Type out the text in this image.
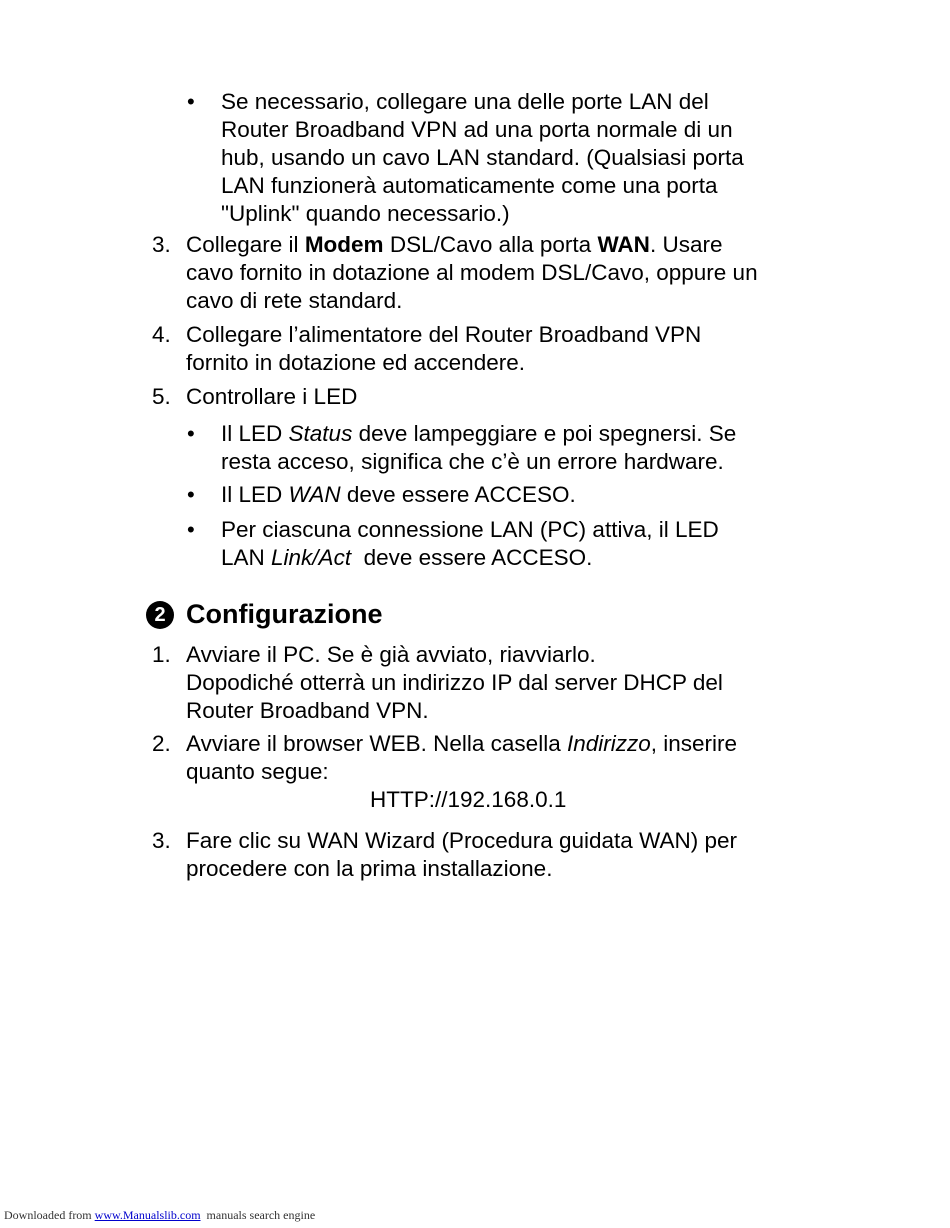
• Se necessario, collegare una delle porte LAN del
Router Broadband VPN ad una porta normale di un
hub, usando un cavo LAN standard. (Qualsiasi porta
LAN funzionerà automaticamente come una porta
"Uplink" quando necessario.)
3. Collegare il Modem DSL/Cavo alla porta WAN. Usare
cavo fornito in dotazione al modem DSL/Cavo, oppure un
cavo di rete standard.
4. Collegare l’alimentatore del Router Broadband VPN
fornito in dotazione ed accendere.
5. Controllare i LED
• Il LED Status deve lampeggiare e poi spegnersi. Se
resta acceso, significa che c’è un errore hardware.
• Il LED WAN deve essere ACCESO.
• Per ciascuna connessione LAN (PC) attiva, il LED
LAN Link/Act  deve essere ACCESO.
2 Configurazione
1. Avviare il PC. Se è già avviato, riavviarlo.
Dopodiché otterrà un indirizzo IP dal server DHCP del
Router Broadband VPN.
2. Avviare il browser WEB. Nella casella Indirizzo, inserire
quanto segue:
HTTP://192.168.0.1
3. Fare clic su WAN Wizard (Procedura guidata WAN) per
procedere con la prima installazione.
Downloaded from www.Manualslib.com  manuals search engine
